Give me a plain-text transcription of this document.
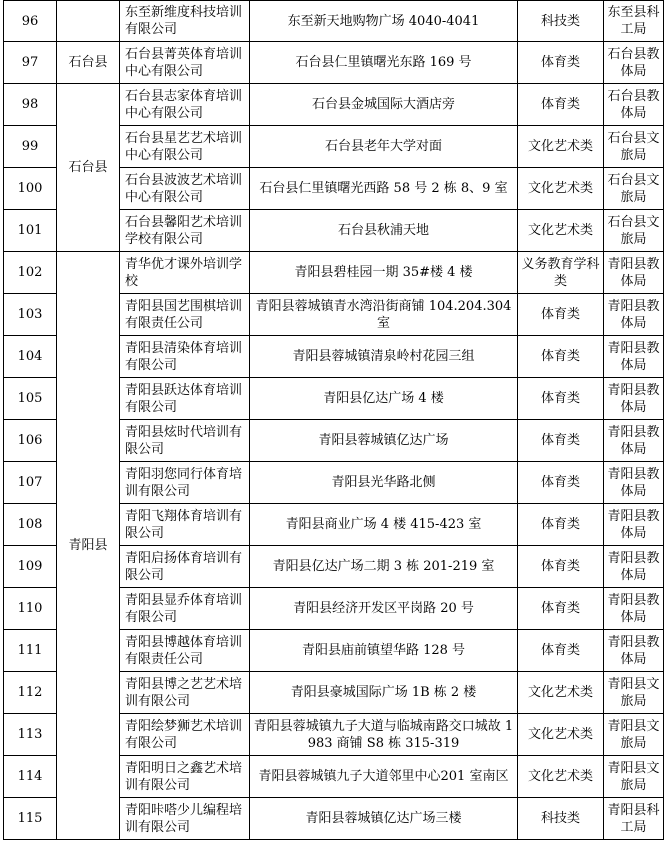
96		东至新维度科技培训有限公司	东至新天地购物广场 4040-4041	科技类	东至县科工局
97	石台县	石台县菁英体育培训中心有限公司	石台县仁里镇曙光东路 169 号	体育类	石台县教体局
98	石台县	石台县志家体育培训中心有限公司	石台县金城国际大酒店旁	体育类	石台县教体局
99		石台县星艺艺术培训中心有限公司	石台县老年大学对面	文化艺术类	石台县文旅局
100		石台县波波艺术培训中心有限公司	石台县仁里镇曙光西路 58 号 2 栋 8、9 室	文化艺术类	石台县文旅局
101		石台县馨阳艺术培训学校有限公司	石台县秋浦天地	文化艺术类	石台县文旅局
102	青阳县	青华优才课外培训学校	青阳县碧桂园一期 35#楼 4 楼	义务教育学科类	青阳县教体局
103		青阳县国艺围棋培训有限责任公司	青阳县蓉城镇青水湾沿街商铺 104.204.304 室	体育类	青阳县教体局
104		青阳县清染体育培训有限公司	青阳县蓉城镇清泉岭村花园三组	体育类	青阳县教体局
105		青阳县跃达体育培训有限公司	青阳县亿达广场 4 楼	体育类	青阳县教体局
106		青阳县炫时代培训有限公司	青阳县蓉城镇亿达广场	体育类	青阳县教体局
107		青阳羽您同行体育培训有限公司	青阳县光华路北侧	体育类	青阳县教体局
108		青阳飞翔体育培训有限公司	青阳县商业广场 4 楼 415-423 室	体育类	青阳县教体局
109		青阳启扬体育培训有限公司	青阳县亿达广场二期 3 栋 201-219 室	体育类	青阳县教体局
110		青阳县显乔体育培训有限公司	青阳县经济开发区平岗路 20 号	体育类	青阳县教体局
111		青阳县博越体育培训有限责任公司	青阳县庙前镇望华路 128 号	体育类	青阳县教体局
112		青阳县博之艺艺术培训有限公司	青阳县豪城国际广场 1B 栋 2 楼	文化艺术类	青阳县文旅局
113		青阳绘梦狮艺术培训有限公司	青阳县蓉城镇九子大道与临城南路交口城故 1983 商铺 S8 栋 315-319	文化艺术类	青阳县文旅局
114		青阳明日之鑫艺术培训有限公司	青阳县蓉城镇九子大道邻里中心201 室南区	文化艺术类	青阳县文旅局
115		青阳咔嗒少儿编程培训有限公司	青阳县蓉城镇亿达广场三楼	科技类	青阳县科工局
